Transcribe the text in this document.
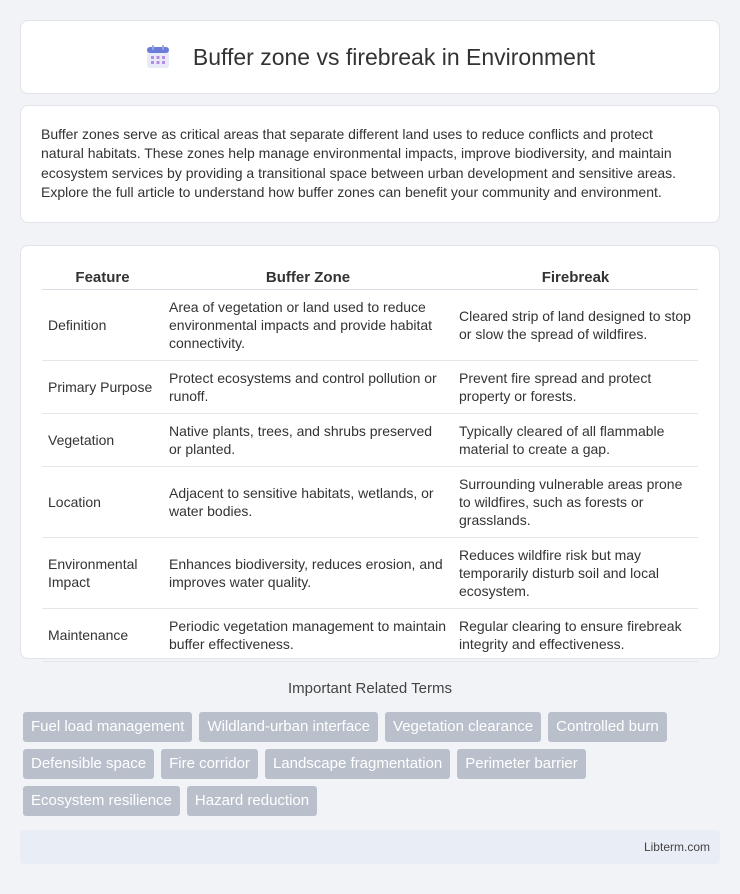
Buffer zone vs firebreak in Environment

Buffer zones serve as critical areas that separate different land uses to reduce conflicts and protect natural habitats. These zones help manage environmental impacts, improve biodiversity, and maintain ecosystem services by providing a transitional space between urban development and sensitive areas. Explore the full article to understand how buffer zones can benefit your community and environment.

Feature	Buffer Zone	Firebreak
Definition	Area of vegetation or land used to reduce environmental impacts and provide habitat connectivity.	Cleared strip of land designed to stop or slow the spread of wildfires.
Primary Purpose	Protect ecosystems and control pollution or runoff.	Prevent fire spread and protect property or forests.
Vegetation	Native plants, trees, and shrubs preserved or planted.	Typically cleared of all flammable material to create a gap.
Location	Adjacent to sensitive habitats, wetlands, or water bodies.	Surrounding vulnerable areas prone to wildfires, such as forests or grasslands.
Environmental Impact	Enhances biodiversity, reduces erosion, and improves water quality.	Reduces wildfire risk but may temporarily disturb soil and local ecosystem.
Maintenance	Periodic vegetation management to maintain buffer effectiveness.	Regular clearing to ensure firebreak integrity and effectiveness.
Important Related Terms
Fuel load management	Wildland-urban interface	Vegetation clearance	Controlled burn
Defensible space	Fire corridor	Landscape fragmentation	Perimeter barrier
Ecosystem resilience	Hazard reduction
Libterm.com
